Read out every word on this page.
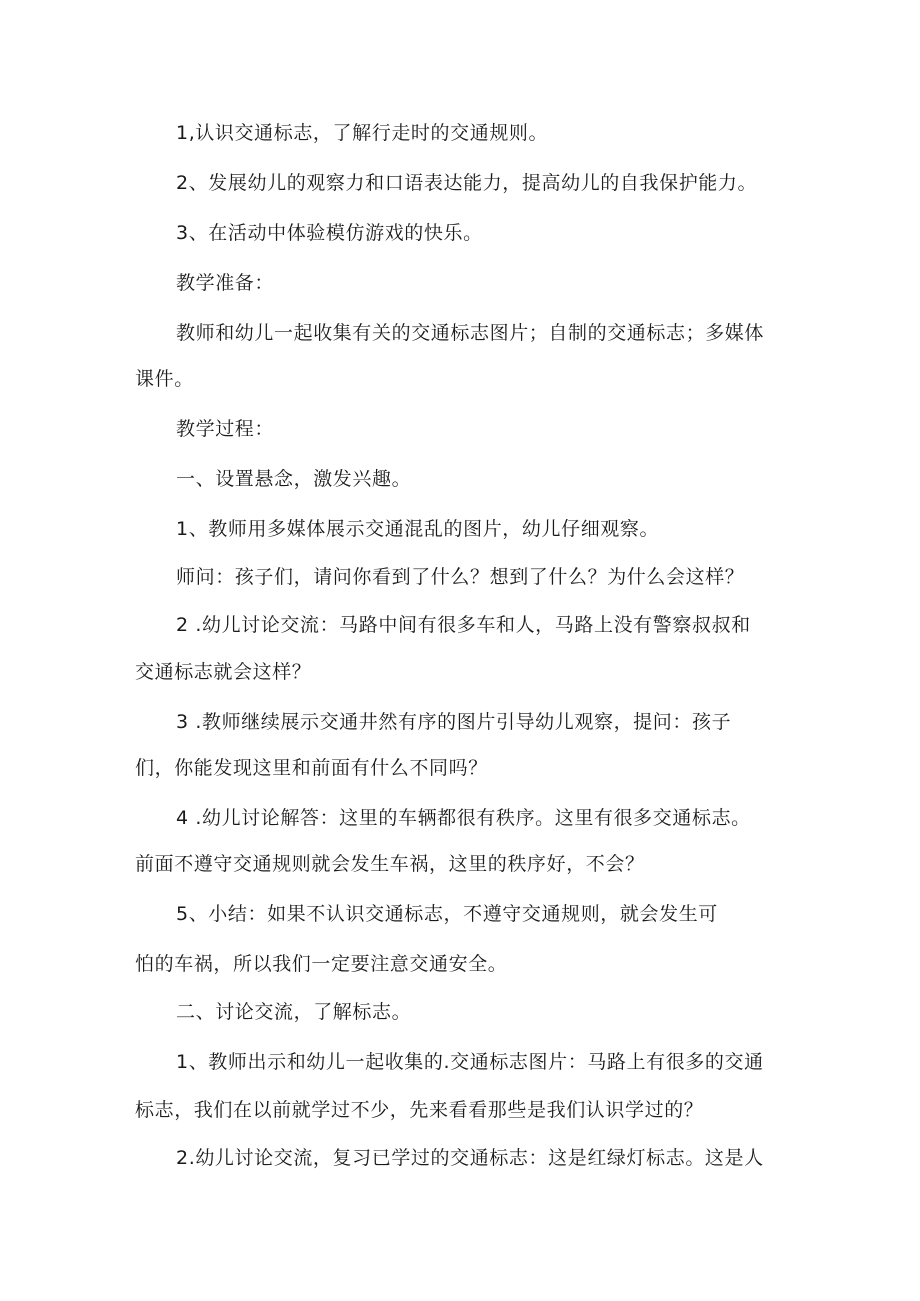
1,认识交通标志，了解行走时的交通规则。
2、发展幼儿的观察力和口语表达能力，提高幼儿的自我保护能力。
3、在活动中体验模仿游戏的快乐。
教学准备：
教师和幼儿一起收集有关的交通标志图片；自制的交通标志；多媒体
课件。
教学过程：
一、设置悬念，激发兴趣。
1、教师用多媒体展示交通混乱的图片，幼儿仔细观察。
师问：孩子们，请问你看到了什么？想到了什么？为什么会这样？
2 .幼儿讨论交流：马路中间有很多车和人，马路上没有警察叔叔和
交通标志就会这样？
3 .教师继续展示交通井然有序的图片引导幼儿观察，提问：孩子
们，你能发现这里和前面有什么不同吗？
4 .幼儿讨论解答：这里的车辆都很有秩序。这里有很多交通标志。
前面不遵守交通规则就会发生车祸，这里的秩序好，不会？
5、小结：如果不认识交通标志，不遵守交通规则，就会发生可
怕的车祸，所以我们一定要注意交通安全。
二、讨论交流，了解标志。
1、教师出示和幼儿一起收集的.交通标志图片：马路上有很多的交通
标志，我们在以前就学过不少，先来看看那些是我们认识学过的？
2.幼儿讨论交流，复习已学过的交通标志：这是红绿灯标志。这是人
